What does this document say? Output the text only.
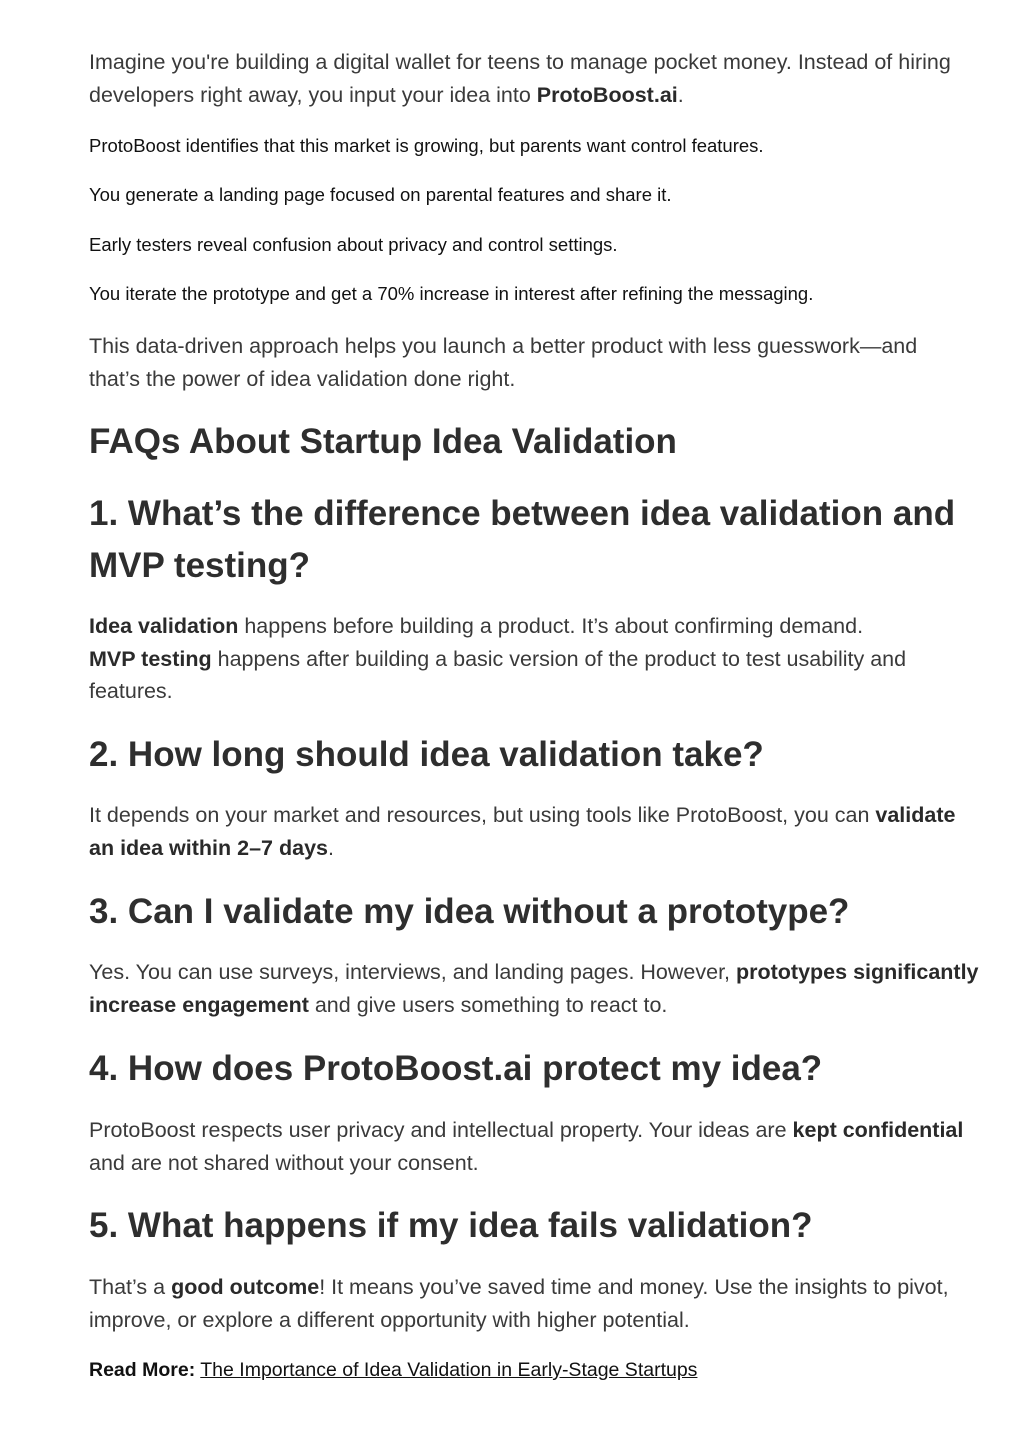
Imagine you're building a digital wallet for teens to manage pocket money. Instead of hiring developers right away, you input your idea into ProtoBoost.ai.

ProtoBoost identifies that this market is growing, but parents want control features.

You generate a landing page focused on parental features and share it.

Early testers reveal confusion about privacy and control settings.

You iterate the prototype and get a 70% increase in interest after refining the messaging.

This data-driven approach helps you launch a better product with less guesswork—and that’s the power of idea validation done right.

FAQs About Startup Idea Validation
1. What’s the difference between idea validation and MVP testing?

Idea validation happens before building a product. It’s about confirming demand.
MVP testing happens after building a basic version of the product to test usability and features.

2. How long should idea validation take?

It depends on your market and resources, but using tools like ProtoBoost, you can validate an idea within 2–7 days.

3. Can I validate my idea without a prototype?

Yes. You can use surveys, interviews, and landing pages. However, prototypes significantly increase engagement and give users something to react to.

4. How does ProtoBoost.ai protect my idea?

ProtoBoost respects user privacy and intellectual property. Your ideas are kept confidential and are not shared without your consent.

5. What happens if my idea fails validation?

That’s a good outcome! It means you’ve saved time and money. Use the insights to pivot, improve, or explore a different opportunity with higher potential.

Read More: The Importance of Idea Validation in Early-Stage Startups
